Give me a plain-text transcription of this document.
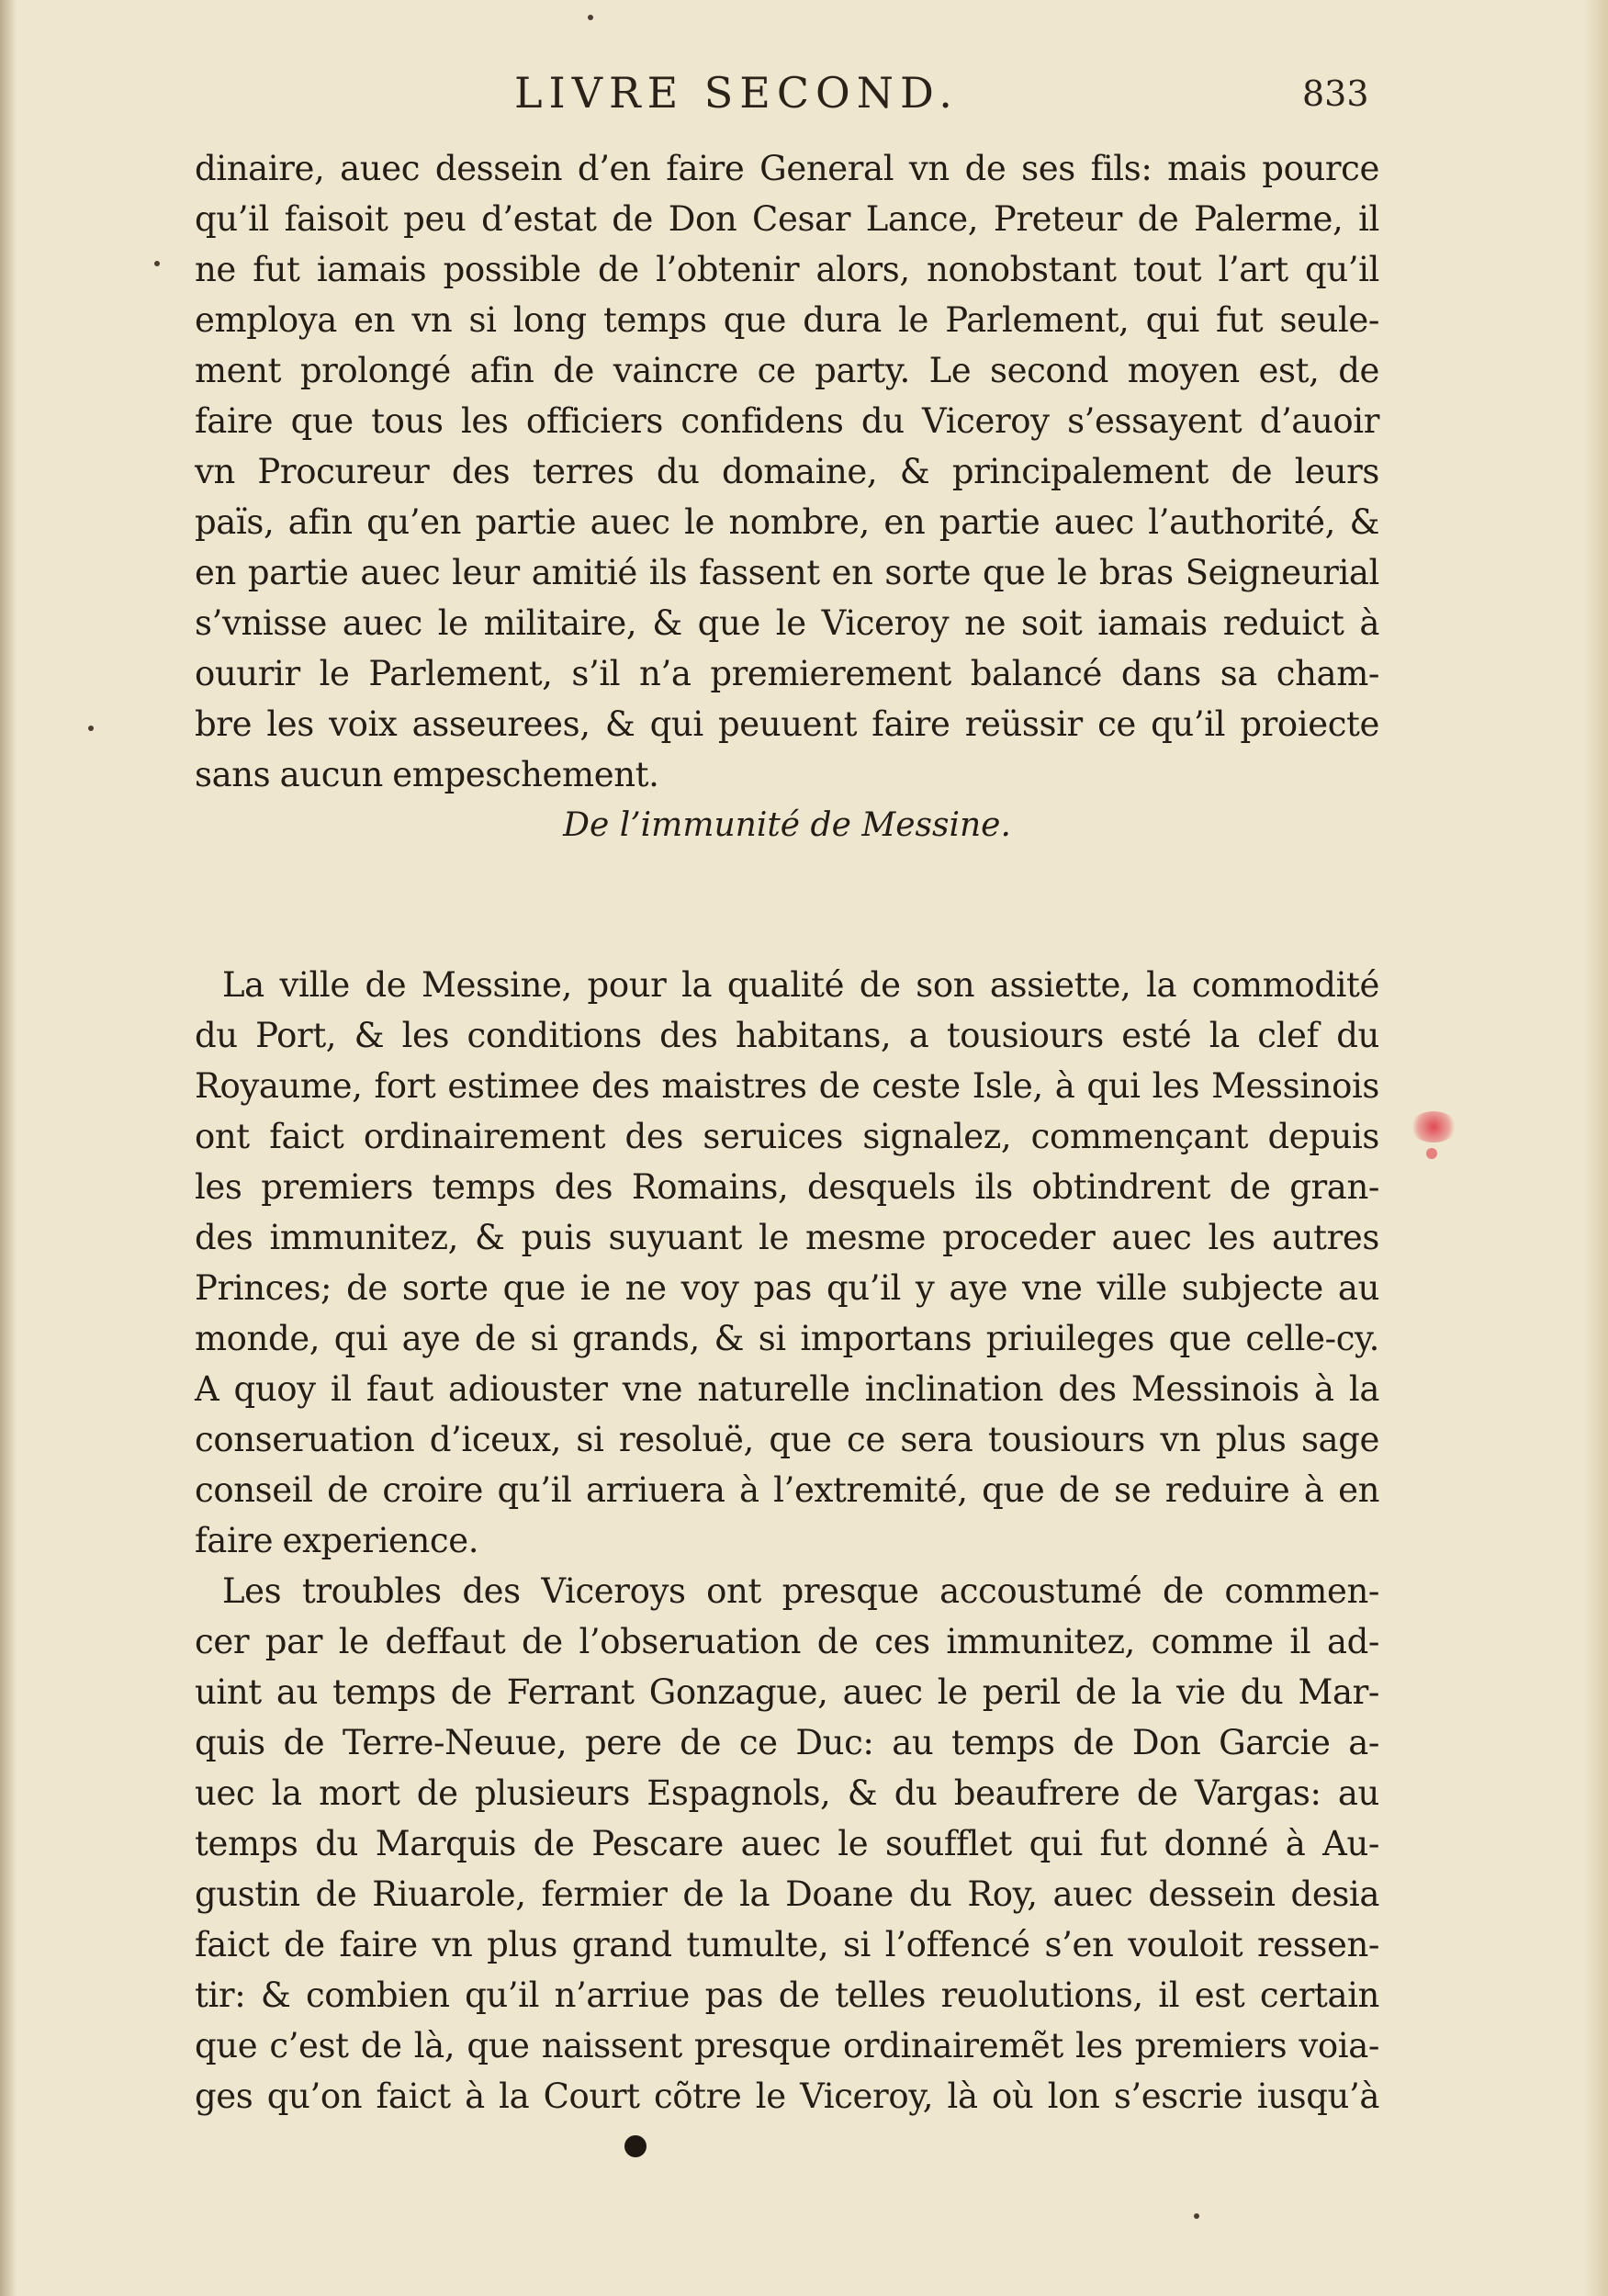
LIVRE SECOND.	833
dinaire, auec dessein d’en faire General vn de ses fils: mais pource
qu’il faisoit peu d’estat de Don Cesar Lance, Preteur de Palerme, il
ne fut iamais possible de l’obtenir alors, nonobstant tout l’art qu’il
employa en vn si long temps que dura le Parlement, qui fut seule-
ment prolongé afin de vaincre ce party. Le second moyen est, de
faire que tous les officiers confidens du Viceroy s’essayent d’auoir
vn Procureur des terres du domaine, & principalement de leurs
païs, afin qu’en partie auec le nombre, en partie auec l’authorité, &
en partie auec leur amitié ils fassent en sorte que le bras Seigneurial
s’vnisse auec le militaire, & que le Viceroy ne soit iamais reduict à
ouurir le Parlement, s’il n’a premierement balancé dans sa cham-
bre les voix asseurees, & qui peuuent faire reüssir ce qu’il proiecte
sans aucun empeschement.
De l’immunité de Messine.
La ville de Messine, pour la qualité de son assiette, la commodité
du Port, & les conditions des habitans, a tousiours esté la clef du
Royaume, fort estimee des maistres de ceste Isle, à qui les Messinois
ont faict ordinairement des seruices signalez, commençant depuis
les premiers temps des Romains, desquels ils obtindrent de gran-
des immunitez, & puis suyuant le mesme proceder auec les autres
Princes; de sorte que ie ne voy pas qu’il y aye vne ville subjecte au
monde, qui aye de si grands, & si importans priuileges que celle-cy.
A quoy il faut adiouster vne naturelle inclination des Messinois à la
conseruation d’iceux, si resoluë, que ce sera tousiours vn plus sage
conseil de croire qu’il arriuera à l’extremité, que de se reduire à en
faire experience.
Les troubles des Viceroys ont presque accoustumé de commen-
cer par le deffaut de l’obseruation de ces immunitez, comme il ad-
uint au temps de Ferrant Gonzague, auec le peril de la vie du Mar-
quis de Terre-Neuue, pere de ce Duc: au temps de Don Garcie a-
uec la mort de plusieurs Espagnols, & du beaufrere de Vargas: au
temps du Marquis de Pescare auec le soufflet qui fut donné à Au-
gustin de Riuarole, fermier de la Doane du Roy, auec dessein desia
faict de faire vn plus grand tumulte, si l’offencé s’en vouloit ressen-
tir: & combien qu’il n’arriue pas de telles reuolutions, il est certain
que c’est de là, que naissent presque ordinairemẽt les premiers voia-
ges qu’on faict à la Court cõtre le Viceroy, là où lon s’escrie iusqu’à
